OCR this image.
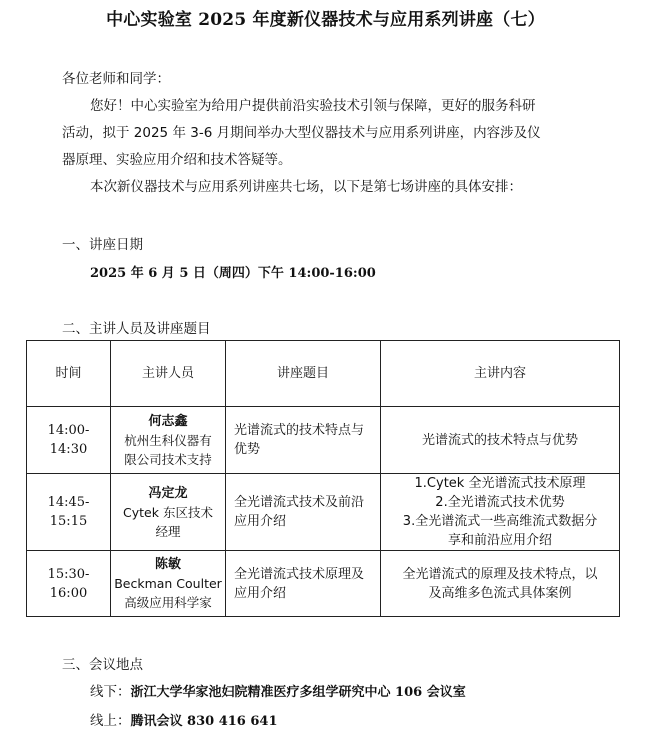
中心实验室 2025 年度新仪器技术与应用系列讲座（七）
各位老师和同学：
您好！中心实验室为给用户提供前沿实验技术引领与保障，更好的服务科研
活动，拟于 2025 年 3-6 月期间举办大型仪器技术与应用系列讲座，内容涉及仪
器原理、实验应用介绍和技术答疑等。
本次新仪器技术与应用系列讲座共七场，以下是第七场讲座的具体安排：
一、讲座日期
2025 年 6 月 5 日（周四）下午 14:00-16:00
二、主讲人员及讲座题目
时间	主讲人员	讲座题目	主讲内容
14:00-14:30	何志鑫
杭州生科仪器有
限公司技术支持	光谱流式的技术特点与
优势	光谱流式的技术特点与优势

14:45-15:15	冯定龙
Cytek 东区技术
经理	全光谱流式技术及前沿
应用介绍	1.Cytek 全光谱流式技术原理
2.全光谱流式技术优势
3.全光谱流式一些高维流式数据分
享和前沿应用介绍

15:30-16:00	陈敏
Beckman Coulter
高级应用科学家	全光谱流式技术原理及
应用介绍	全光谱流式的原理及技术特点，以
及高维多色流式具体案例
三、会议地点
线下：浙江大学华家池妇院精准医疗多组学研究中心 106 会议室
线上：腾讯会议 830 416 641
